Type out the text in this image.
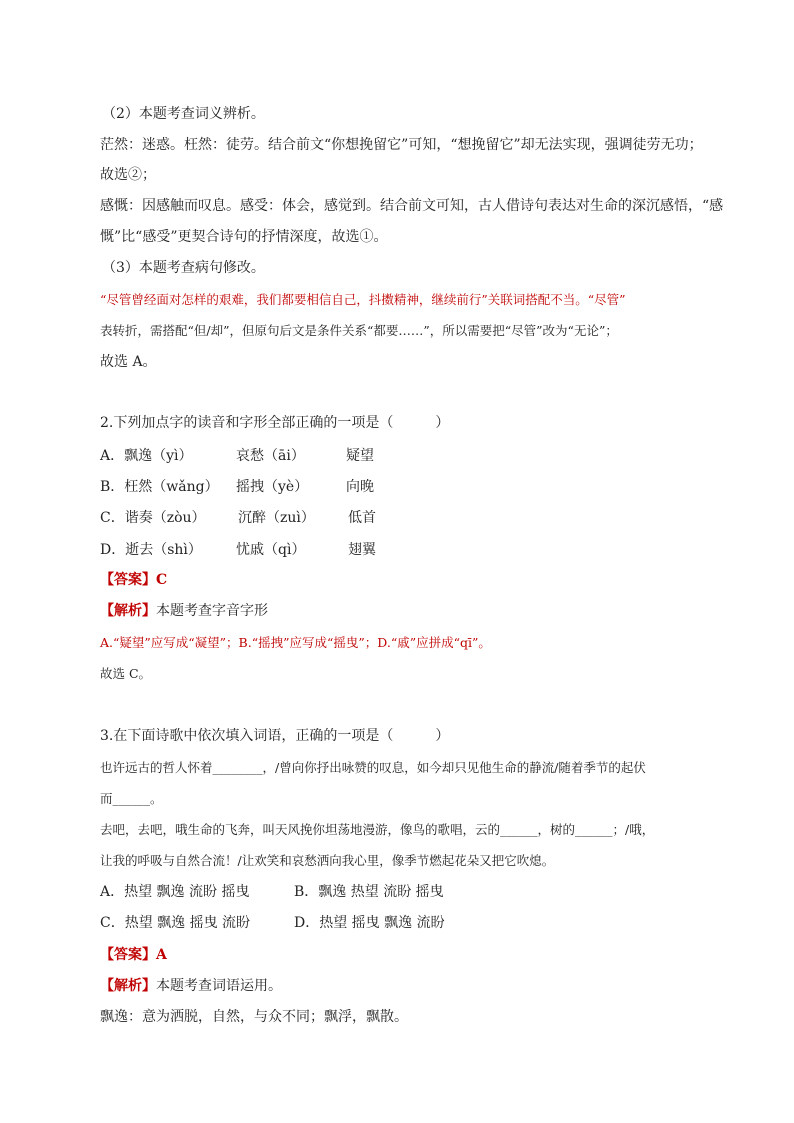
（2）本题考查词义辨析。
茫然：迷惑。枉然：徒劳。结合前文“你想挽留它”可知，“想挽留它”却无法实现，强调徒劳无功；
故选②；
感慨：因感触而叹息。感受：体会，感觉到。结合前文可知，古人借诗句表达对生命的深沉感悟，“感
慨”比“感受”更契合诗句的抒情深度，故选①。
（3）本题考查病句修改。
“尽管曾经面对怎样的艰难，我们都要相信自己，抖擞精神，继续前行”关联词搭配不当。“尽管”
表转折，需搭配“但/却”，但原句后文是条件关系“都要……”，所以需要把“尽管”改为“无论”；
故选 A。
2.下列加点字的读音和字形全部正确的一项是（　　　）
A．飘逸（yì）	哀愁（āi）	疑望
B．枉然（wǎng） 摇拽（yè）	向晚
C．谐奏（zòu） 沉醉（zuì） 低首
D．逝去（shì） 忧戚（qì）	翅翼
【答案】C
【解析】本题考查字音字形
A.“疑望”应写成“凝望”；B.“摇拽”应写成“摇曳”；D.“戚”应拼成“qī”。
故选 C。
3.在下面诗歌中依次填入词语，正确的一项是（　　　）
也许远古的哲人怀着________，/曾向你抒出咏赞的叹息，如今却只见他生命的静流/随着季节的起伏
而______。
去吧，去吧，哦生命的飞奔，叫天风挽你坦荡地漫游，像鸟的歌唱，云的______，树的______；/哦，
让我的呼吸与自然合流！/让欢笑和哀愁洒向我心里，像季节燃起花朵又把它吹熄。
A．热望 飘逸 流盼 摇曳	B．飘逸 热望 流盼 摇曳
C．热望 飘逸 摇曳 流盼	D．热望 摇曳 飘逸 流盼
【答案】A
【解析】本题考查词语运用。
飘逸：意为洒脱，自然，与众不同；飘浮，飘散。
